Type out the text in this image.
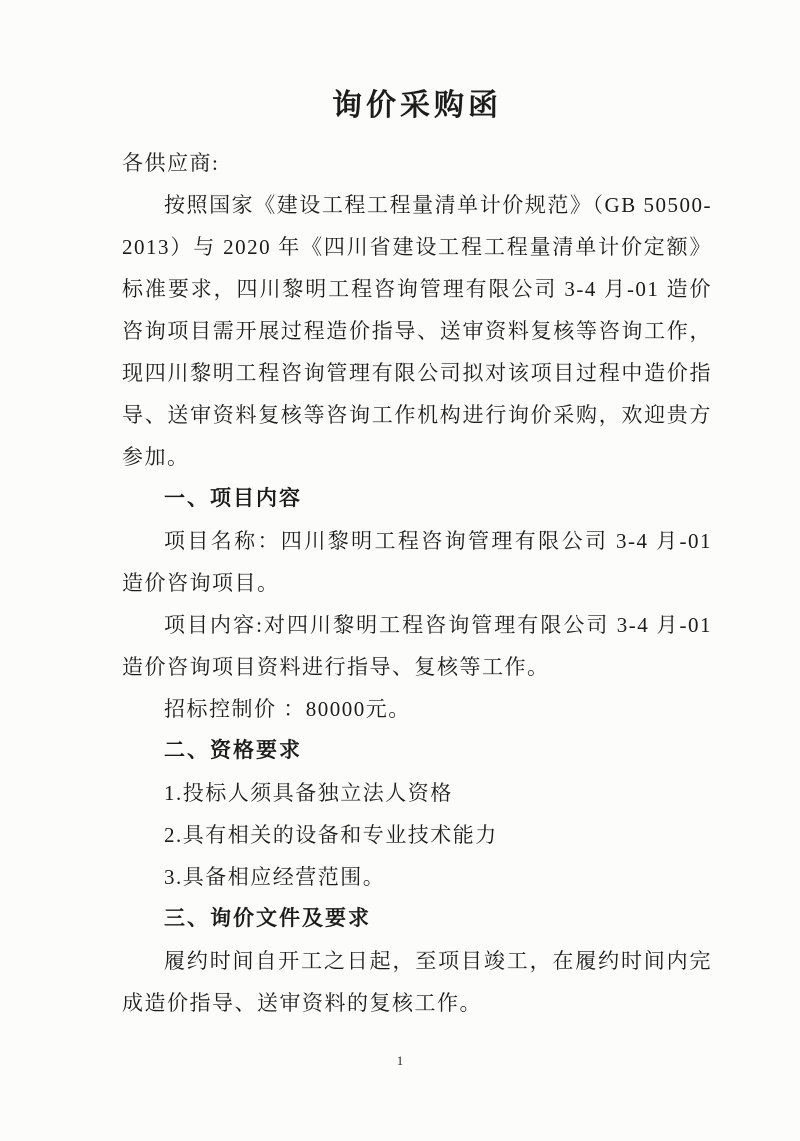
询价采购函

各供应商:

按照国家《建设工程工程量清单计价规范》（GB 50500-2013）与 2020 年《四川省建设工程工程量清单计价定额》标准要求，四川黎明工程咨询管理有限公司 3-4 月-01 造价咨询项目需开展过程造价指导、送审资料复核等咨询工作，现四川黎明工程咨询管理有限公司拟对该项目过程中造价指导、送审资料复核等咨询工作机构进行询价采购，欢迎贵方参加。

一、项目内容

项目名称：四川黎明工程咨询管理有限公司 3-4 月-01 造价咨询项目。

项目内容:对四川黎明工程咨询管理有限公司 3-4 月-01 造价咨询项目资料进行指导、复核等工作。

招标控制价 ：80000元。

二、资格要求

1.投标人须具备独立法人资格

2.具有相关的设备和专业技术能力

3.具备相应经营范围。

三、询价文件及要求

履约时间自开工之日起，至项目竣工，在履约时间内完成造价指导、送审资料的复核工作。

1
